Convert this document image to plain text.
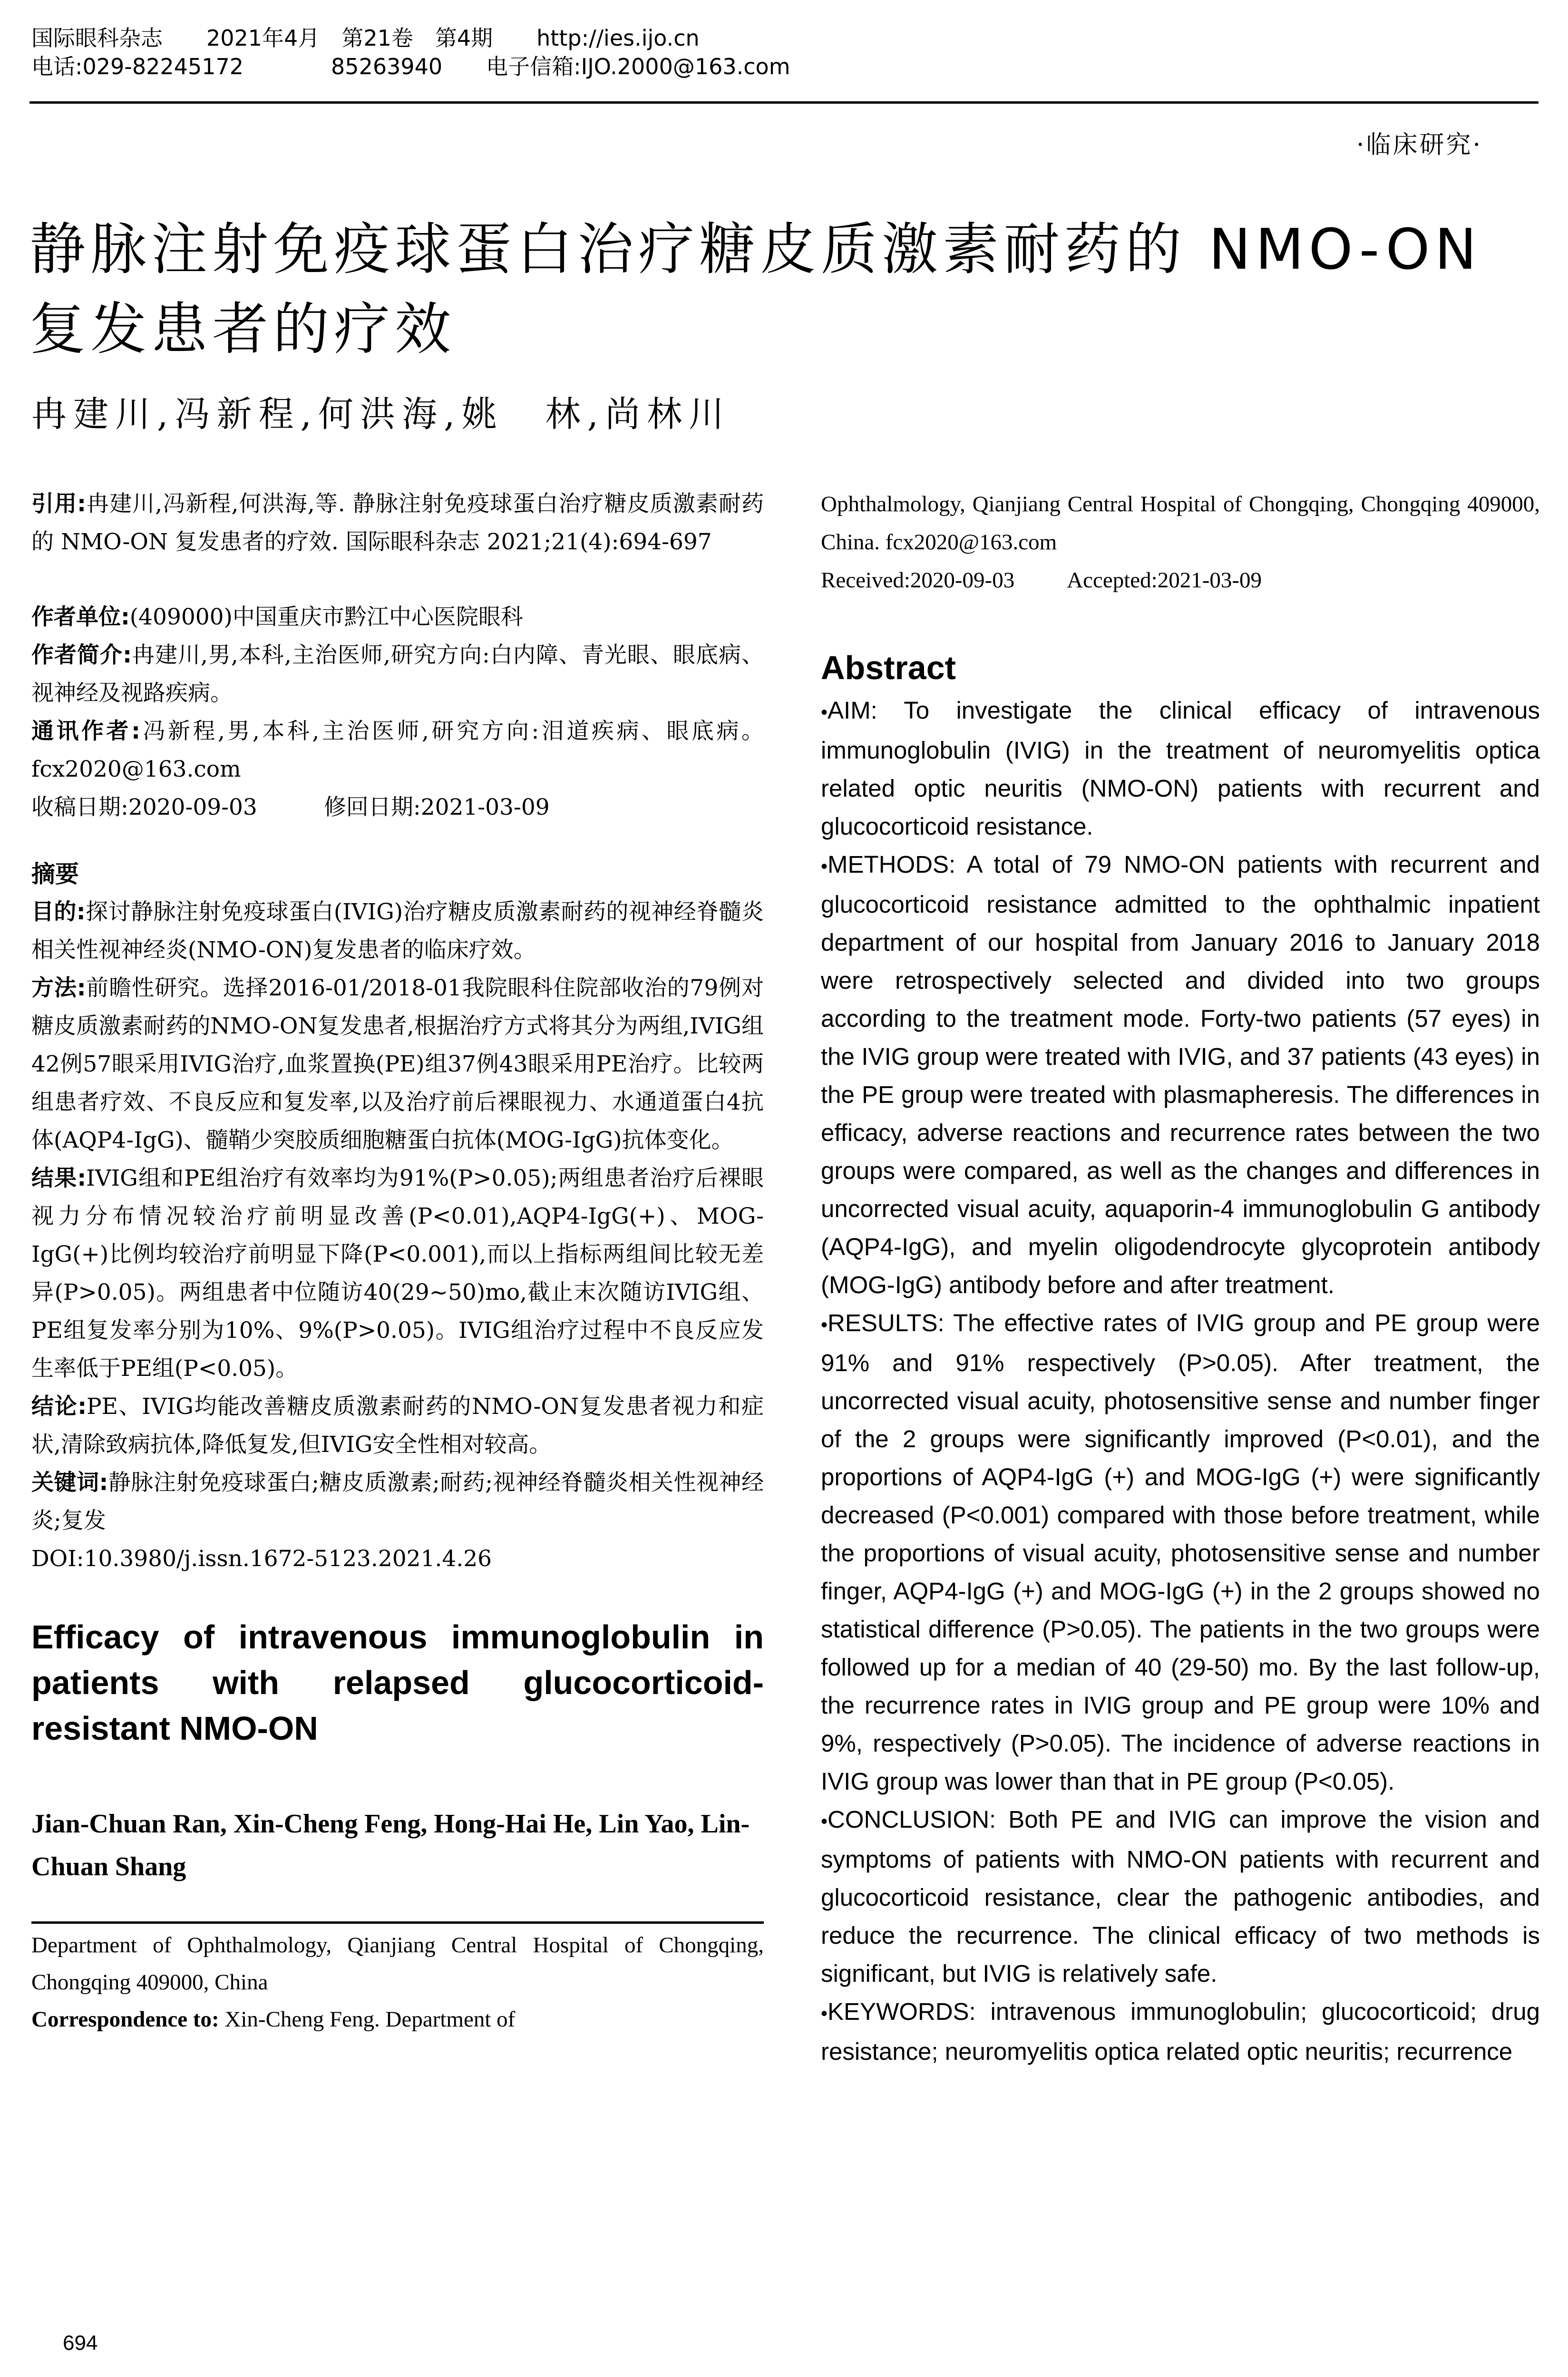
国际眼科杂志
　　 2021年4月　第21卷　第4期
　　 http://ies.ijo.cn
电话:029-82245172
　　　　	85263940
　　 电子信箱:IJO.2000@163.com
·临床研究·
静脉注射免疫球蛋白治疗糖皮质激素耐药的 NMO-ON 复发患者的疗效
冉建川,冯新程,何洪海,姚　林,尚林川

引用:冉建川,冯新程,何洪海,等. 静脉注射免疫球蛋白治疗糖皮质激素耐药的 NMO-ON 复发患者的疗效. 国际眼科杂志 2021;21(4):694-697

作者单位:(409000)中国重庆市黔江中心医院眼科

作者简介:冉建川,男,本科,主治医师,研究方向:白内障、青光眼、眼底病、视神经及视路疾病。

通讯作者:冯新程,男,本科,主治医师,研究方向:泪道疾病、眼底病。fcx2020@163.com

收稿日期:2020-09-03	修回日期:2021-03-09
摘要

目的:探讨静脉注射免疫球蛋白(IVIG)治疗糖皮质激素耐药的视神经脊髓炎相关性视神经炎(NMO-ON)复发患者的临床疗效。

方法:前瞻性研究。选择2016-01/2018-01我院眼科住院部收治的79例对糖皮质激素耐药的NMO-ON复发患者,根据治疗方式将其分为两组,IVIG组42例57眼采用IVIG治疗,血浆置换(PE)组37例43眼采用PE治疗。比较两组患者疗效、不良反应和复发率,以及治疗前后裸眼视力、水通道蛋白4抗体(AQP4-IgG)、髓鞘少突胶质细胞糖蛋白抗体(MOG-IgG)抗体变化。

结果:IVIG组和PE组治疗有效率均为91%(P>0.05);两组患者治疗后裸眼视力分布情况较治疗前明显改善(P<0.01),AQP4-IgG(+)、MOG-IgG(+)比例均较治疗前明显下降(P<0.001),而以上指标两组间比较无差异(P>0.05)。两组患者中位随访40(29~50)mo,截止末次随访IVIG组、PE组复发率分别为10%、9%(P>0.05)。IVIG组治疗过程中不良反应发生率低于PE组(P<0.05)。

结论:PE、IVIG均能改善糖皮质激素耐药的NMO-ON复发患者视力和症状,清除致病抗体,降低复发,但IVIG安全性相对较高。

关键词:静脉注射免疫球蛋白;糖皮质激素;耐药;视神经脊髓炎相关性视神经炎;复发

DOI:10.3980/j.issn.1672-5123.2021.4.26

Efficacy of intravenous immunoglobulin in patients with relapsed glucocorticoid-resistant NMO-ON
Jian-Chuan Ran, Xin-Cheng Feng, Hong-Hai He, Lin Yao, Lin-Chuan Shang

Department of Ophthalmology, Qianjiang Central Hospital of Chongqing, Chongqing 409000, China

Correspondence to: Xin-Cheng Feng. Department of

Ophthalmology, Qianjiang Central Hospital of Chongqing, Chongqing 409000, China. fcx2020@163.com

Received:2020-09-03 Accepted:2021-03-09
Abstract

•AIM: To investigate the clinical efficacy of intravenous immunoglobulin (IVIG) in the treatment of neuromyelitis optica related optic neuritis (NMO-ON) patients with recurrent and glucocorticoid resistance.

•METHODS: A total of 79 NMO-ON patients with recurrent and glucocorticoid resistance admitted to the ophthalmic inpatient department of our hospital from January 2016 to January 2018 were retrospectively selected and divided into two groups according to the treatment mode. Forty-two patients (57 eyes) in the IVIG group were treated with IVIG, and 37 patients (43 eyes) in the PE group were treated with plasmapheresis. The differences in efficacy, adverse reactions and recurrence rates between the two groups were compared, as well as the changes and differences in uncorrected visual acuity, aquaporin-4 immunoglobulin G antibody (AQP4-IgG), and myelin oligodendrocyte glycoprotein antibody (MOG-IgG) antibody before and after treatment.

•RESULTS: The effective rates of IVIG group and PE group were 91% and 91% respectively (P>0.05). After treatment, the uncorrected visual acuity, photosensitive sense and number finger of the 2 groups were significantly improved (P<0.01), and the proportions of AQP4-IgG (+) and MOG-IgG (+) were significantly decreased (P<0.001) compared with those before treatment, while the proportions of visual acuity, photosensitive sense and number finger, AQP4-IgG (+) and MOG-IgG (+) in the 2 groups showed no statistical difference (P>0.05). The patients in the two groups were followed up for a median of 40 (29-50) mo. By the last follow-up, the recurrence rates in IVIG group and PE group were 10% and 9%, respectively (P>0.05). The incidence of adverse reactions in IVIG group was lower than that in PE group (P<0.05).

•CONCLUSION: Both PE and IVIG can improve the vision and symptoms of patients with NMO-ON patients with recurrent and glucocorticoid resistance, clear the pathogenic antibodies, and reduce the recurrence. The clinical efficacy of two methods is significant, but IVIG is relatively safe.

•KEYWORDS: intravenous immunoglobulin; glucocorticoid; drug resistance; neuromyelitis optica related optic neuritis; recurrence

694
